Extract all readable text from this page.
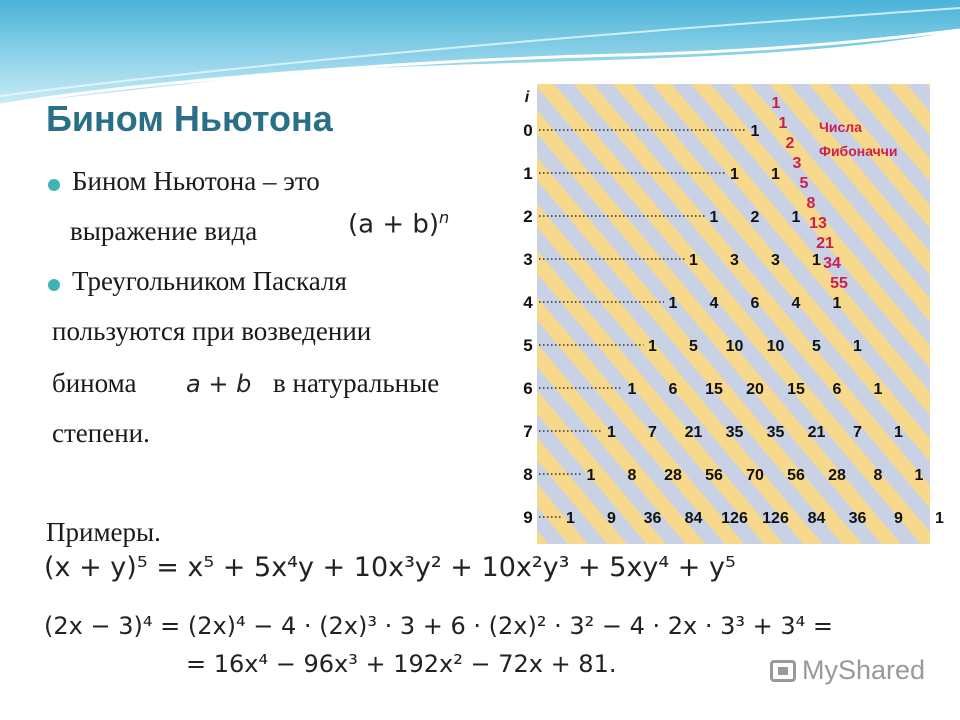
Бином Ньютона
Бином Ньютона – это
выражение вида	$(a + b)^n$
Треугольником Паскаля
пользуются при возведении
бинома a + b в натуральные
степени.
Примеры.
(x + y)⁵ = x⁵ + 5x⁴y + 10x³y² + 10x²y³ + 5xy⁴ + y⁵
(2x − 3)⁴ = (2x)⁴ − 4 · (2x)³ · 3 + 6 · (2x)² · 3² − 4 · 2x · 3³ + 3⁴ =
= 16x⁴ − 96x³ + 192x² − 72x + 81.
i
0	1
1	1 1
2	1 2 1
3	1 3 3 1
4	1 4 6 4 1
5	1 5 10 10 5 1
6	1 6 15 20 15 6 1
7	1 7 21 35 35 21 7 1
8	1 8 28 56 70 56 28 8 1
9 1 9 36 84 126 126 84 36 9 1
1
1
2
3
5
8
13
21
34
55
Числа
Фибоначчи
MyShared
